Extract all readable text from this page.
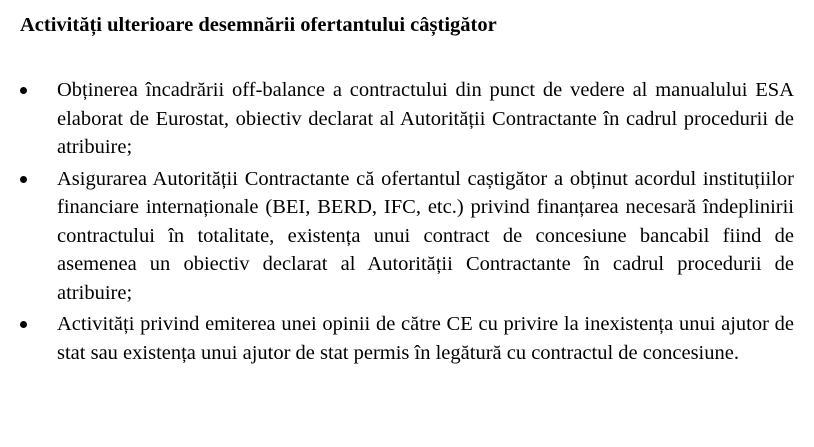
Activități ulterioare desemnării ofertantului câștigător
Obținerea încadrării off-balance a contractului din punct de vedere al manualului ESA elaborat de Eurostat, obiectiv declarat al Autorității Contractante în cadrul procedurii de atribuire;
Asigurarea Autorității Contractante că ofertantul caștigător a obținut acordul instituțiilor financiare internaționale (BEI, BERD, IFC, etc.) privind finanțarea necesară îndeplinirii contractului în totalitate, existența unui contract de concesiune bancabil fiind de asemenea un obiectiv declarat al Autorității Contractante în cadrul procedurii de atribuire;
Activități privind emiterea unei opinii de către CE cu privire la inexistența unui ajutor de stat sau existența unui ajutor de stat permis în legătură cu contractul de concesiune.
